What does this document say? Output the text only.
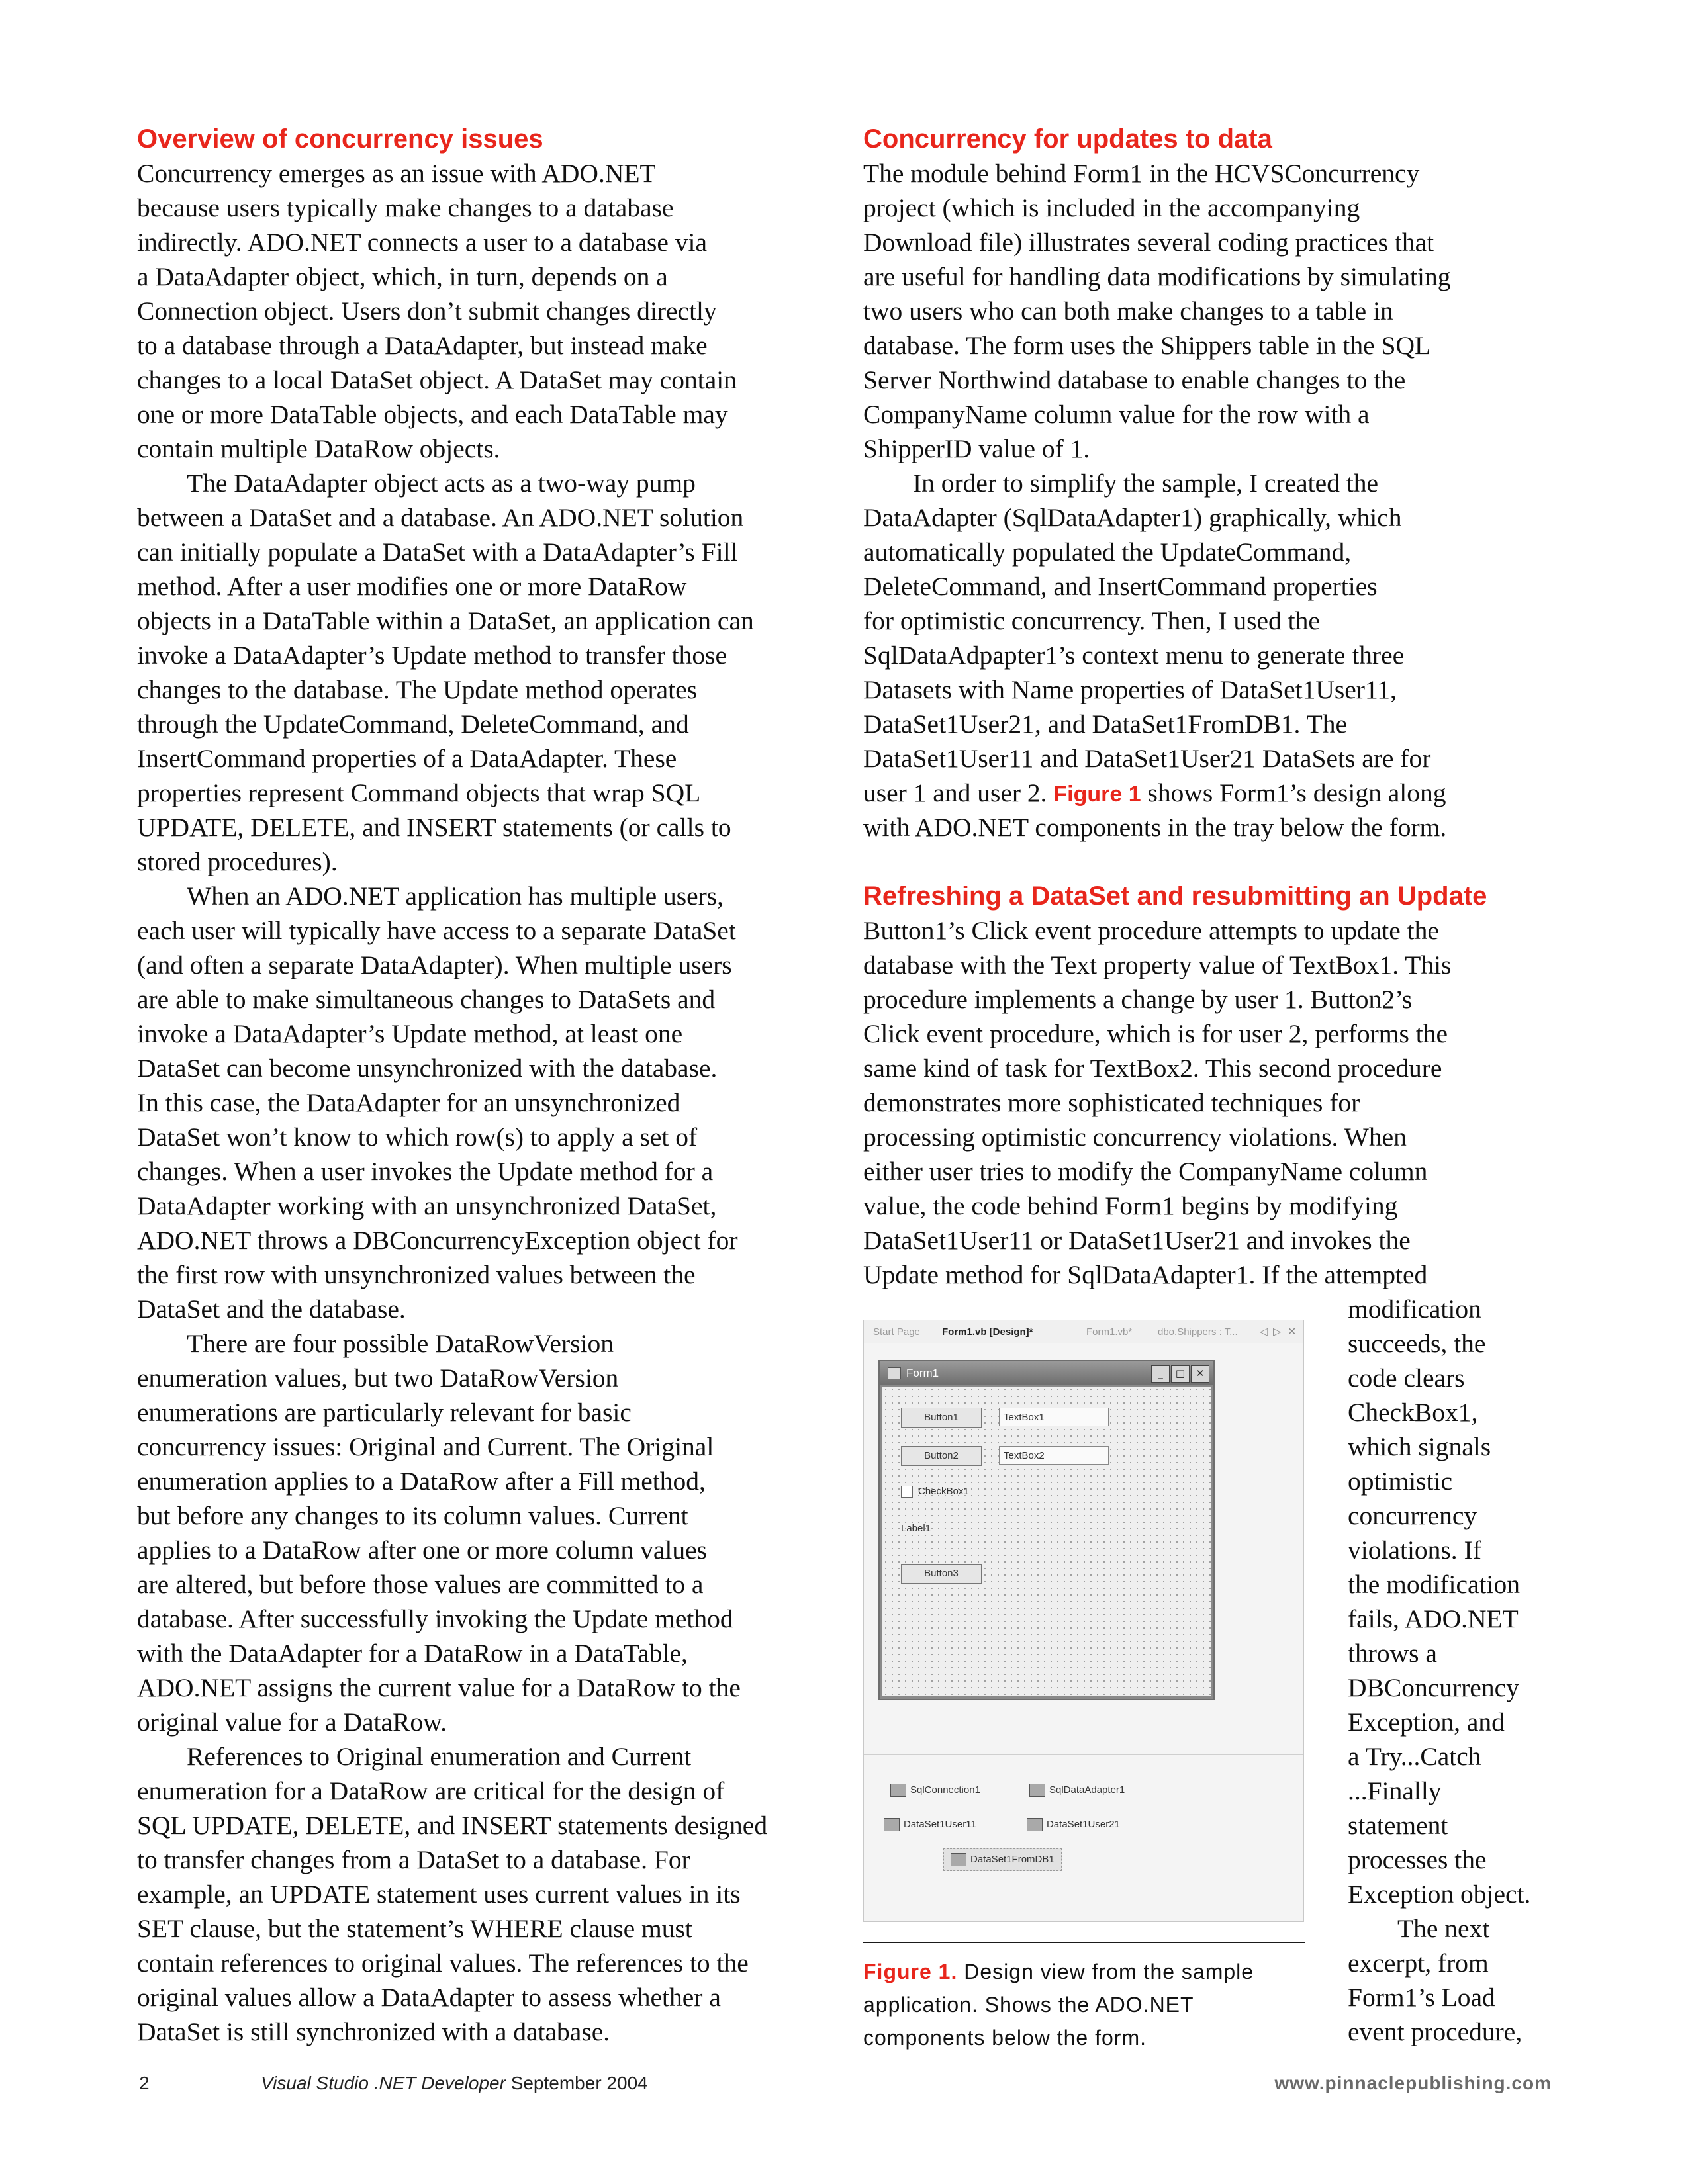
Overview of concurrency issues
Concurrency emerges as an issue with ADO.NET
because users typically make changes to a database
indirectly. ADO.NET connects a user to a database via
a DataAdapter object, which, in turn, depends on a
Connection object. Users don’t submit changes directly
to a database through a DataAdapter, but instead make
changes to a local DataSet object. A DataSet may contain
one or more DataTable objects, and each DataTable may
contain multiple DataRow objects.
The DataAdapter object acts as a two-way pump
between a DataSet and a database. An ADO.NET solution
can initially populate a DataSet with a DataAdapter’s Fill
method. After a user modifies one or more DataRow
objects in a DataTable within a DataSet, an application can
invoke a DataAdapter’s Update method to transfer those
changes to the database. The Update method operates
through the UpdateCommand, DeleteCommand, and
InsertCommand properties of a DataAdapter. These
properties represent Command objects that wrap SQL
UPDATE, DELETE, and INSERT statements (or calls to
stored procedures).
When an ADO.NET application has multiple users,
each user will typically have access to a separate DataSet
(and often a separate DataAdapter). When multiple users
are able to make simultaneous changes to DataSets and
invoke a DataAdapter’s Update method, at least one
DataSet can become unsynchronized with the database.
In this case, the DataAdapter for an unsynchronized
DataSet won’t know to which row(s) to apply a set of
changes. When a user invokes the Update method for a
DataAdapter working with an unsynchronized DataSet,
ADO.NET throws a DBConcurrencyException object for
the first row with unsynchronized values between the
DataSet and the database.
There are four possible DataRowVersion
enumeration values, but two DataRowVersion
enumerations are particularly relevant for basic
concurrency issues: Original and Current. The Original
enumeration applies to a DataRow after a Fill method,
but before any changes to its column values. Current
applies to a DataRow after one or more column values
are altered, but before those values are committed to a
database. After successfully invoking the Update method
with the DataAdapter for a DataRow in a DataTable,
ADO.NET assigns the current value for a DataRow to the
original value for a DataRow.
References to Original enumeration and Current
enumeration for a DataRow are critical for the design of
SQL UPDATE, DELETE, and INSERT statements designed
to transfer changes from a DataSet to a database. For
example, an UPDATE statement uses current values in its
SET clause, but the statement’s WHERE clause must
contain references to original values. The references to the
original values allow a DataAdapter to assess whether a
DataSet is still synchronized with a database.
Concurrency for updates to data
The module behind Form1 in the HCVSConcurrency
project (which is included in the accompanying
Download file) illustrates several coding practices that
are useful for handling data modifications by simulating
two users who can both make changes to a table in
database. The form uses the Shippers table in the SQL
Server Northwind database to enable changes to the
CompanyName column value for the row with a
ShipperID value of 1.
In order to simplify the sample, I created the
DataAdapter (SqlDataAdapter1) graphically, which
automatically populated the UpdateCommand,
DeleteCommand, and InsertCommand properties
for optimistic concurrency. Then, I used the
SqlDataAdpapter1’s context menu to generate three
Datasets with Name properties of DataSet1User11,
DataSet1User21, and DataSet1FromDB1. The
DataSet1User11 and DataSet1User21 DataSets are for
user 1 and user 2. Figure 1 shows Form1’s design along
with ADO.NET components in the tray below the form.
Refreshing a DataSet and resubmitting an Update
Button1’s Click event procedure attempts to update the
database with the Text property value of TextBox1. This
procedure implements a change by user 1. Button2’s
Click event procedure, which is for user 2, performs the
same kind of task for TextBox2. This second procedure
demonstrates more sophisticated techniques for
processing optimistic concurrency violations. When
either user tries to modify the CompanyName column
value, the code behind Form1 begins by modifying
DataSet1User11 or DataSet1User21 and invokes the
Update method for SqlDataAdapter1. If the attempted
modification
succeeds, the
code clears
CheckBox1,
which signals
optimistic
concurrency
violations. If
the modification
fails, ADO.NET
throws a
DBConcurrency
Exception, and
a Try...Catch
...Finally
statement
processes the
Exception object.
The next
excerpt, from
Form1’s Load
event procedure,
Start Page Form1.vb [Design]*	Form1.vb*	dbo.Shippers : T... ◁ ▷ ✕
Form1	_	□	✕
Button1	TextBox1
Button2	TextBox2
CheckBox1
Label1
Button3
SqlConnection1	SqlDataAdapter1
DataSet1User11	DataSet1User21
DataSet1FromDB1
Figure 1. Design view from the sample
application. Shows the ADO.NET
components below the form.
2	Visual Studio .NET Developer September 2004	www.pinnaclepublishing.com
